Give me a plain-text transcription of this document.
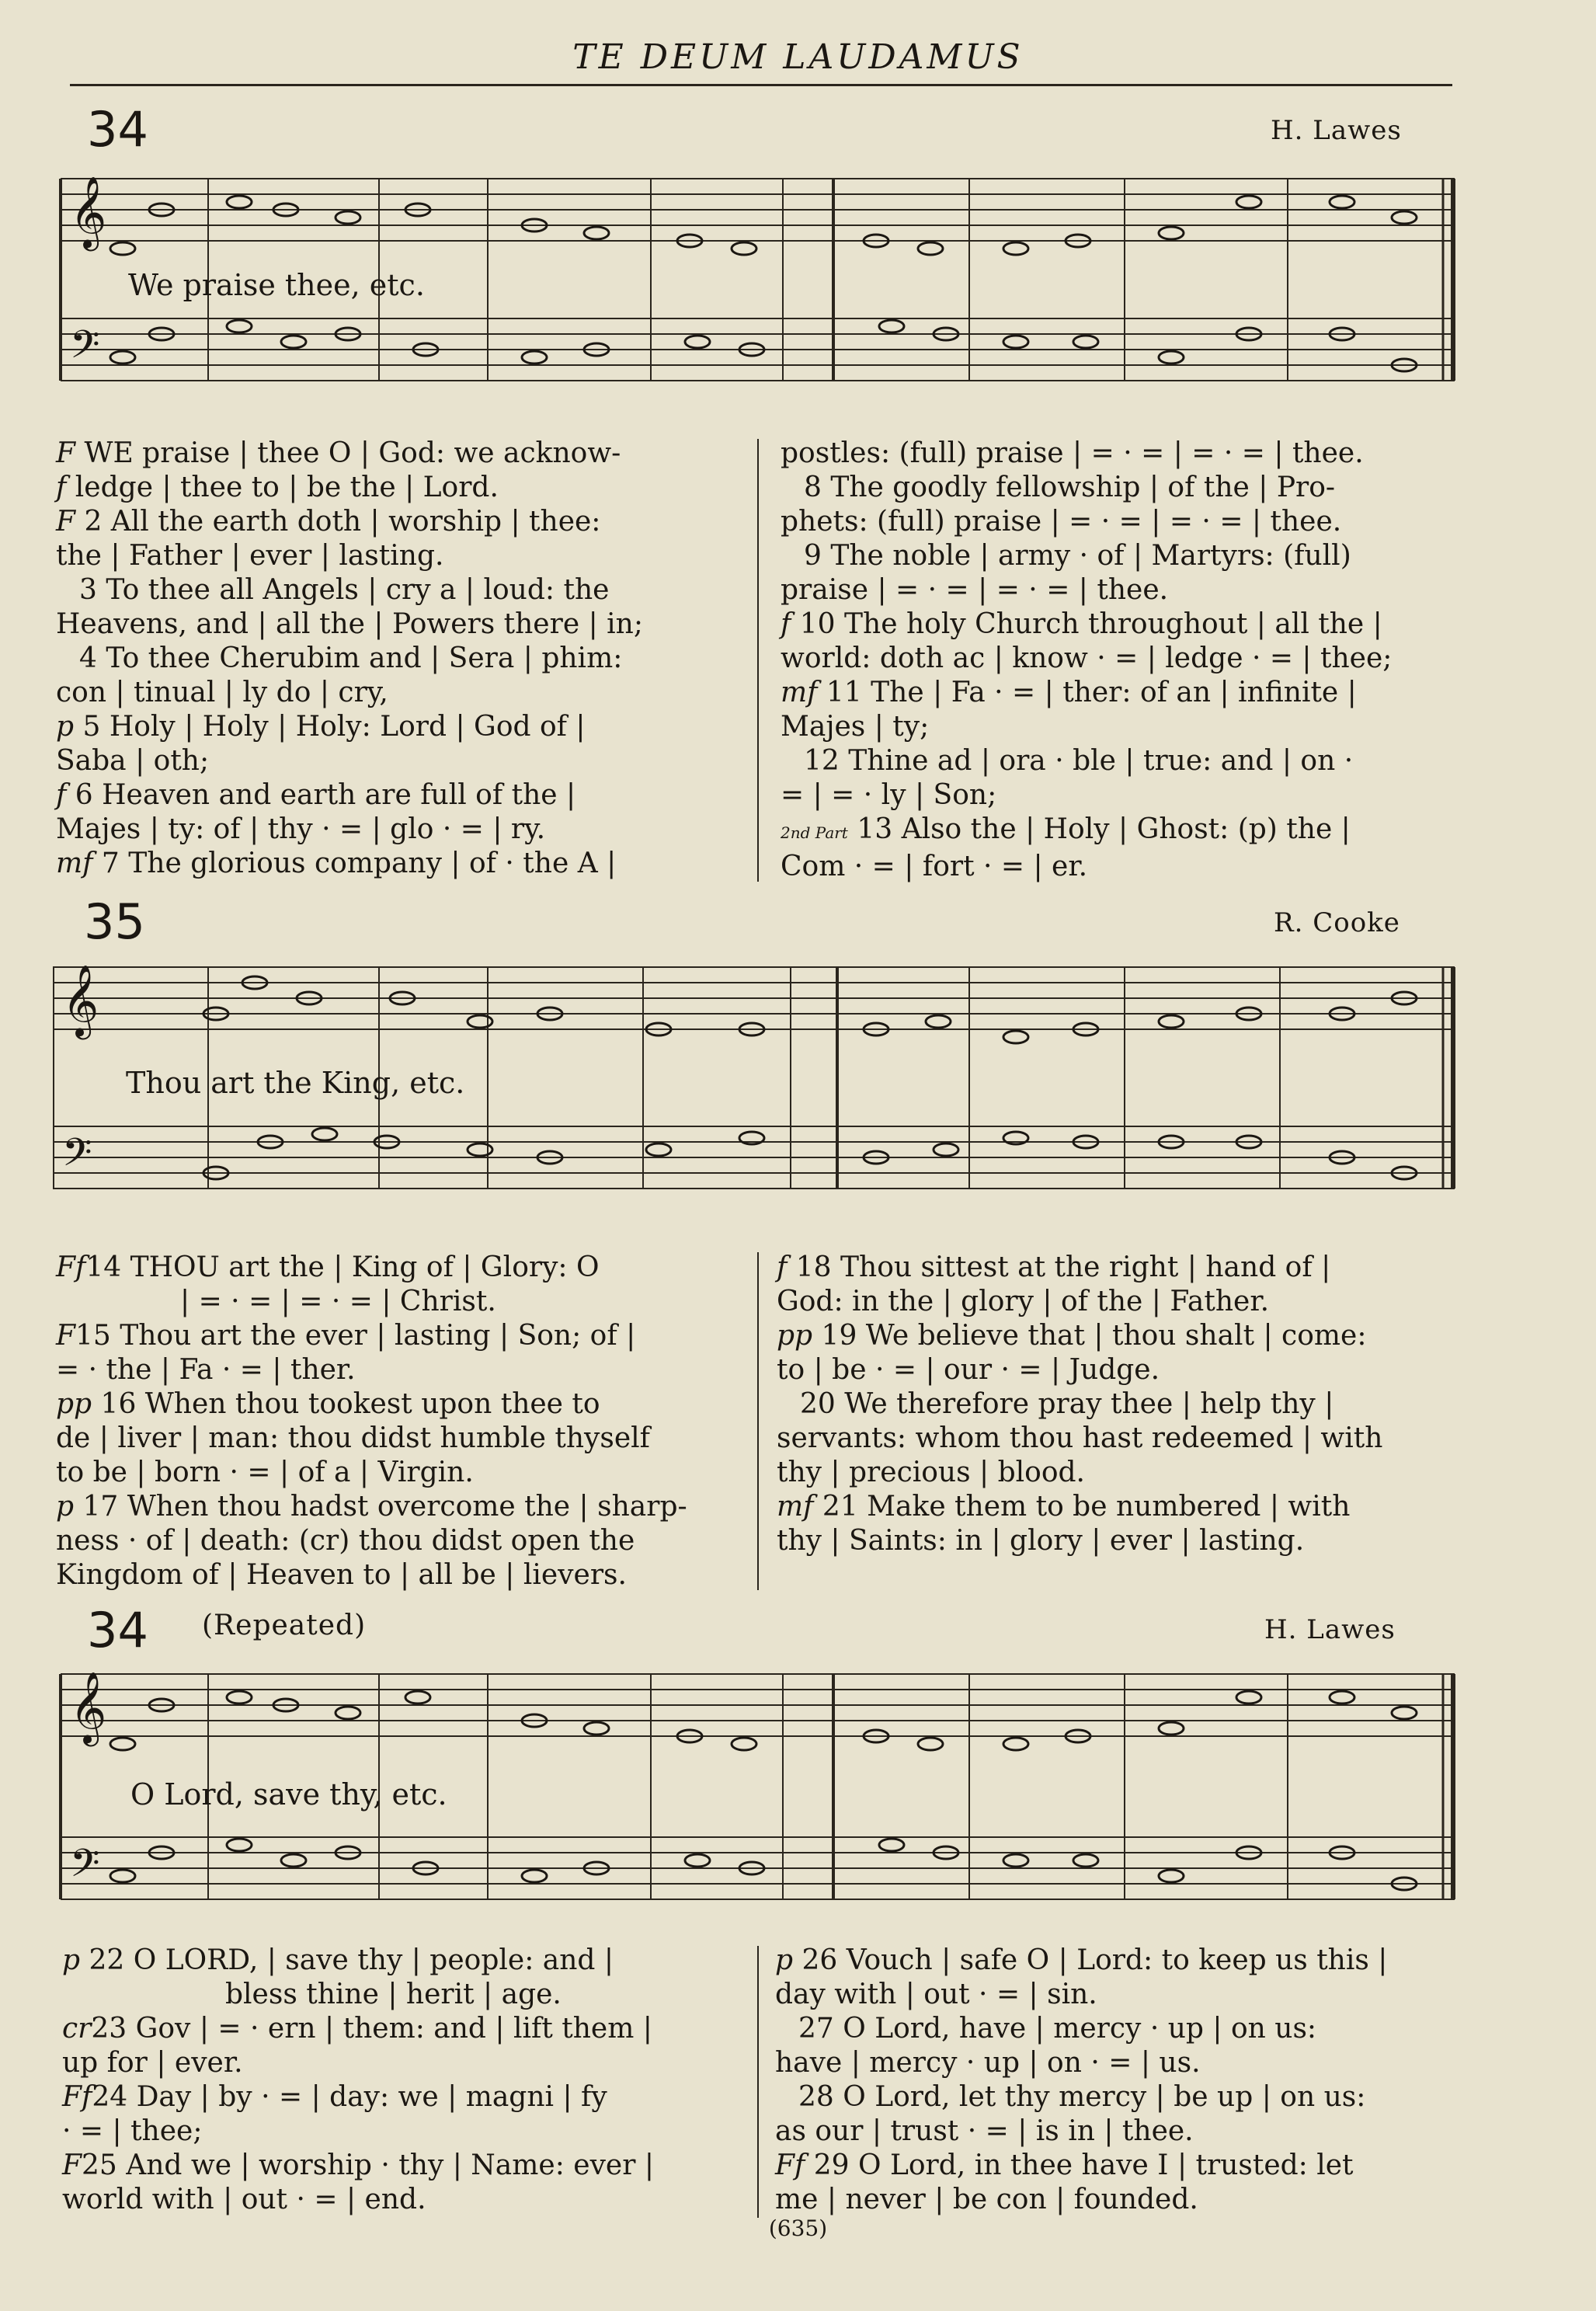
TE DEUM LAUDAMUS
34	H. Lawes
𝄞
𝄢
We praise thee, etc.

F WE praise | thee O | God: we acknow-

f ledge | thee to | be the | Lord.

F 2 All the earth doth | worship | thee:

the | Father | ever | lasting.

3 To thee all Angels | cry a | loud: the

Heavens, and | all the | Powers there | in;

4 To thee Cherubim and | Sera | phim:

con | tinual | ly do | cry,

p 5 Holy | Holy | Holy: Lord | God of |

Saba | oth;

f 6 Heaven and earth are full of the |

Majes | ty: of | thy · = | glo · = | ry.

mf 7 The glorious company | of · the A |

postles: (full) praise | = · = | = · = | thee.

8 The goodly fellowship | of the | Pro-

phets: (full) praise | = · = | = · = | thee.

9 The noble | army · of | Martyrs: (full)

praise | = · = | = · = | thee.

f 10 The holy Church throughout | all the |

world: doth ac | know · = | ledge · = | thee;

mf 11 The | Fa · = | ther: of an | infinite |

Majes | ty;

12 Thine ad | ora · ble | true: and | on ·

= | = · ly | Son;

2nd Part 13 Also the | Holy | Ghost: (p) the |

Com · = | fort · = | er.

35	R. Cooke
𝄞
𝄢
Thou art the King, etc.

Ff14 THOU art the | King of | Glory: O

| = · = | = · = | Christ.

F15 Thou art the ever | lasting | Son; of |

= · the | Fa · = | ther.

pp 16 When thou tookest upon thee to

de | liver | man: thou didst humble thyself

to be | born · = | of a | Virgin.

p 17 When thou hadst overcome the | sharp-

ness · of | death: (cr) thou didst open the

Kingdom of | Heaven to | all be | lievers.

f 18 Thou sittest at the right | hand of |

God: in the | glory | of the | Father.

pp 19 We believe that | thou shalt | come:

to | be · = | our · = | Judge.

20 We therefore pray thee | help thy |

servants: whom thou hast redeemed | with

thy | precious | blood.

mf 21 Make them to be numbered | with

thy | Saints: in | glory | ever | lasting.

34 (Repeated)	H. Lawes
𝄞
𝄢
O Lord, save thy, etc.

p 22 O LORD, | save thy | people: and |

bless thine | herit | age.

cr23 Gov | = · ern | them: and | lift them |

up for | ever.

Ff24 Day | by · = | day: we | magni | fy

· = | thee;

F25 And we | worship · thy | Name: ever |

world with | out · = | end.

p 26 Vouch | safe O | Lord: to keep us this |

day with | out · = | sin.

27 O Lord, have | mercy · up | on us:

have | mercy · up | on · = | us.

28 O Lord, let thy mercy | be up | on us:

as our | trust · = | is in | thee.

Ff 29 O Lord, in thee have I | trusted: let

me | never | be con | founded.

(635)
